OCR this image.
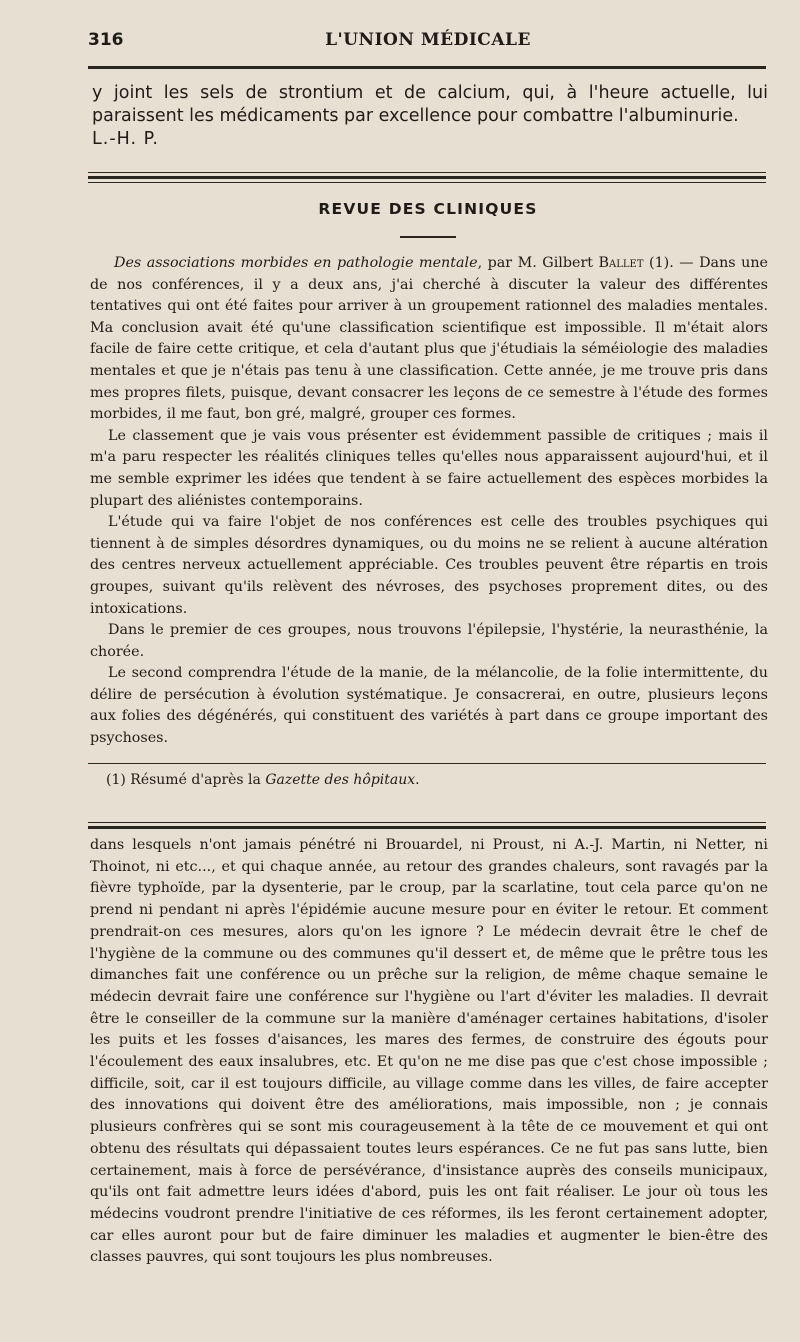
316	L'UNION MÉDICALE

y joint les sels de strontium et de calcium, qui, à l'heure actuelle, lui paraissent les médicaments par excellence pour combattre l'albuminurie.

L.-H. P.

REVUE DES CLINIQUES

Des associations morbides en pathologie mentale, par M. Gilbert Ballet (1). — Dans une de nos conférences, il y a deux ans, j'ai cherché à discuter la valeur des différentes tentatives qui ont été faites pour arriver à un groupement rationnel des maladies mentales. Ma conclusion avait été qu'une classification scientifique est impossible. Il m'était alors facile de faire cette critique, et cela d'autant plus que j'étudiais la séméiologie des maladies mentales et que je n'étais pas tenu à une classification. Cette année, je me trouve pris dans mes propres filets, puisque, devant consacrer les leçons de ce semestre à l'étude des formes morbides, il me faut, bon gré, malgré, grouper ces formes.

Le classement que je vais vous présenter est évidemment passible de critiques ; mais il m'a paru respecter les réalités cliniques telles qu'elles nous apparaissent aujourd'hui, et il me semble exprimer les idées que tendent à se faire actuellement des espèces morbides la plupart des aliénistes contemporains.

L'étude qui va faire l'objet de nos conférences est celle des troubles psychiques qui tiennent à de simples désordres dynamiques, ou du moins ne se relient à aucune altération des centres nerveux actuellement appréciable. Ces troubles peuvent être répartis en trois groupes, suivant qu'ils relèvent des névroses, des psychoses proprement dites, ou des intoxications.

Dans le premier de ces groupes, nous trouvons l'épilepsie, l'hystérie, la neurasthénie, la chorée.

Le second comprendra l'étude de la manie, de la mélancolie, de la folie intermittente, du délire de persécution à évolution systématique. Je consacrerai, en outre, plusieurs leçons aux folies des dégénérés, qui constituent des variétés à part dans ce groupe important des psychoses.

(1) Résumé d'après la Gazette des hôpitaux.

dans lesquels n'ont jamais pénétré ni Brouardel, ni Proust, ni A.-J. Martin, ni Netter, ni Thoinot, ni etc..., et qui chaque année, au retour des grandes chaleurs, sont ravagés par la fièvre typhoïde, par la dysenterie, par le croup, par la scarlatine, tout cela parce qu'on ne prend ni pendant ni après l'épidémie aucune mesure pour en éviter le retour. Et comment prendrait-on ces mesures, alors qu'on les ignore ? Le médecin devrait être le chef de l'hygiène de la commune ou des communes qu'il dessert et, de même que le prêtre tous les dimanches fait une conférence ou un prêche sur la religion, de même chaque semaine le médecin devrait faire une conférence sur l'hygiène ou l'art d'éviter les maladies. Il devrait être le conseiller de la commune sur la manière d'aménager certaines habitations, d'isoler les puits et les fosses d'aisances, les mares des fermes, de construire des égouts pour l'écoulement des eaux insalubres, etc. Et qu'on ne me dise pas que c'est chose impossible ; difficile, soit, car il est toujours difficile, au village comme dans les villes, de faire accepter des innovations qui doivent être des améliorations, mais impossible, non ; je connais plusieurs confrères qui se sont mis courageusement à la tête de ce mouvement et qui ont obtenu des résultats qui dépassaient toutes leurs espérances. Ce ne fut pas sans lutte, bien certainement, mais à force de persévérance, d'insistance auprès des conseils municipaux, qu'ils ont fait admettre leurs idées d'abord, puis les ont fait réaliser. Le jour où tous les médecins voudront prendre l'initiative de ces réformes, ils les feront certainement adopter, car elles auront pour but de faire diminuer les maladies et augmenter le bien-être des classes pauvres, qui sont toujours les plus nombreuses.
